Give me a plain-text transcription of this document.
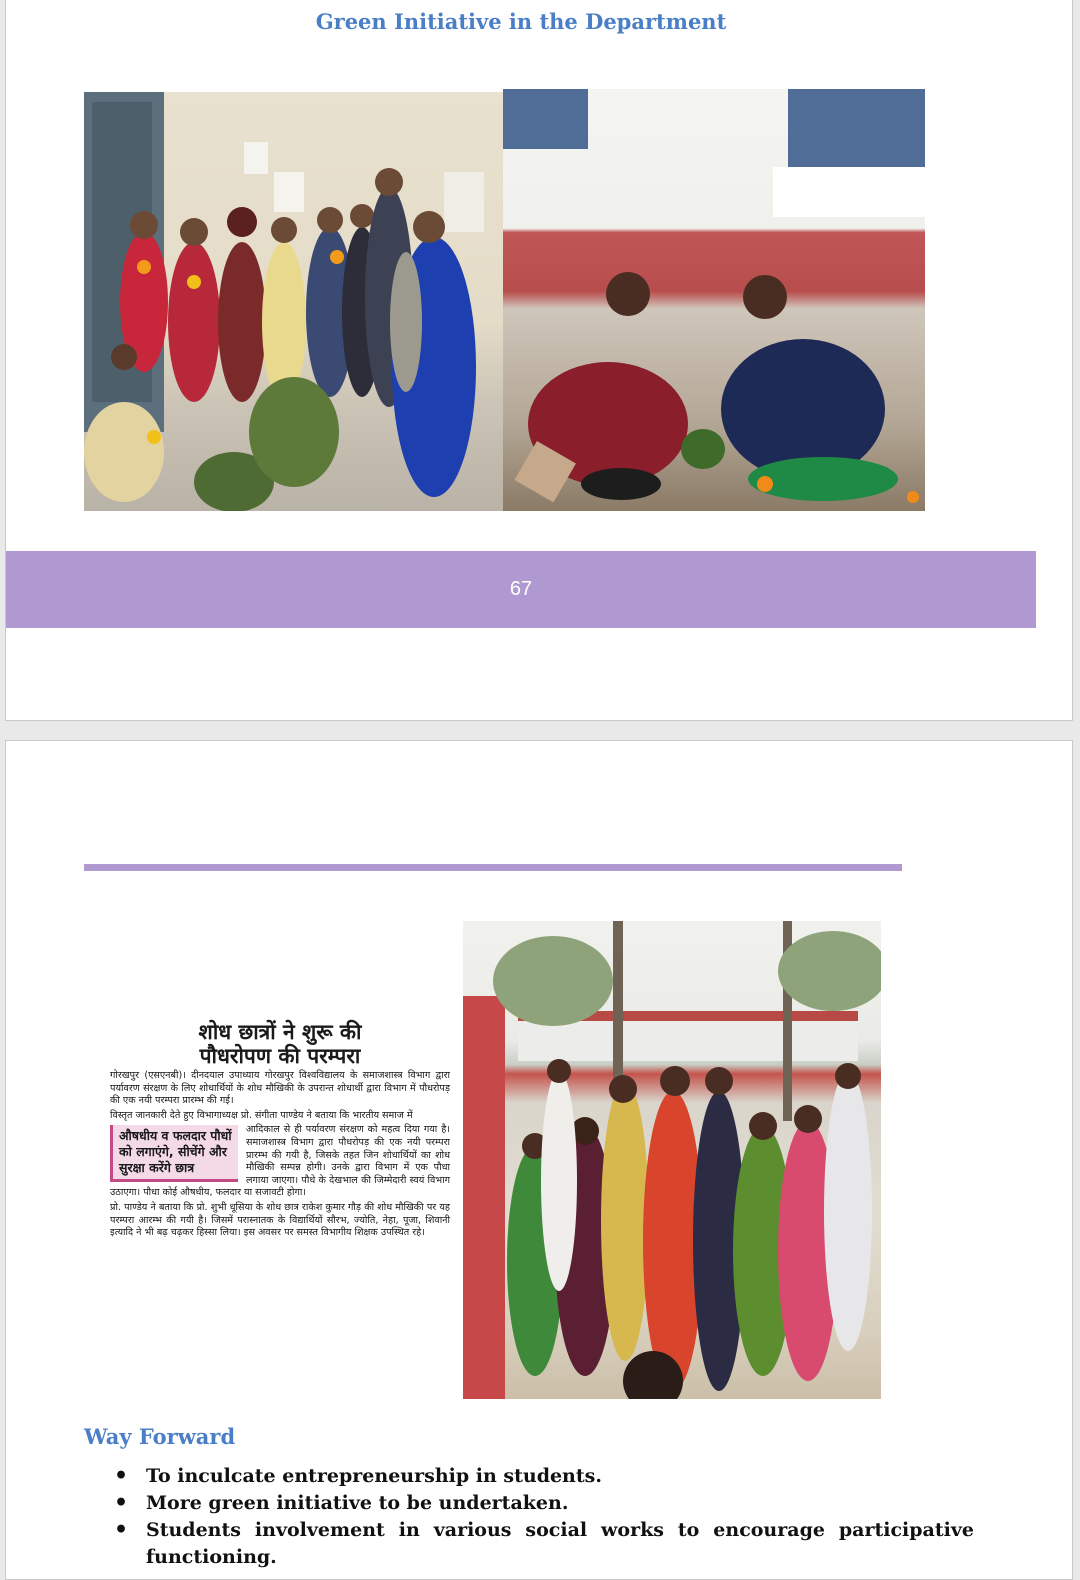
Green Initiative in the Department
67
शोध छात्रों ने शुरू की
पौधरोपण की परम्परा
गोरखपुर (एसएनबी)। दीनदयाल उपाध्याय गोरखपुर विश्वविद्यालय के समाजशास्त्र विभाग द्वारा पर्यावरण संरक्षण के लिए शोधार्थियों के शोध मौखिकी के उपरान्त शोधार्थी द्वारा विभाग में पौधरोपड़ की एक नयी परम्परा प्रारम्भ की गई।
विस्तृत जानकारी देते हुए विभागाध्यक्ष प्रो. संगीता पाण्डेय ने बताया कि भारतीय समाज में
औषधीय व फलदार पौधों को लगाएंगे, सीचेंगे और सुरक्षा करेंगे छात्र
आदिकाल से ही पर्यावरण संरक्षण को महत्व दिया गया है। समाजशास्त्र विभाग द्वारा पौधरोपड़ की एक नयी परम्परा प्रारम्भ की गयी है, जिसके तहत जिन शोधार्थियों का शोध मौखिकी सम्पन्न होगी। उनके द्वारा विभाग में एक पौधा लगाया जाएगा। पौधे के देखभाल की जिम्मेदारी स्वयं विभाग उठाएगा। पौधा कोई औषधीय, फलदार या सजावटी होगा।
प्रो. पाण्डेय ने बताया कि प्रो. शुभी धूसिया के शोध छात्र राकेश कुमार गौड़ की शोध मौखिकी पर यह परम्परा आरम्भ की गयी है। जिसमें परास्नातक के विद्यार्थियों सौरभ, ज्योति, नेहा, पूजा, शिवानी इत्यादि ने भी बढ़ चढ़कर हिस्सा लिया। इस अवसर पर समस्त विभागीय शिक्षक उपस्थित रहे।
Way Forward
• To inculcate entrepreneurship in students.
• More green initiative to be undertaken.
• Students involvement in various social works to encourage participative functioning.
